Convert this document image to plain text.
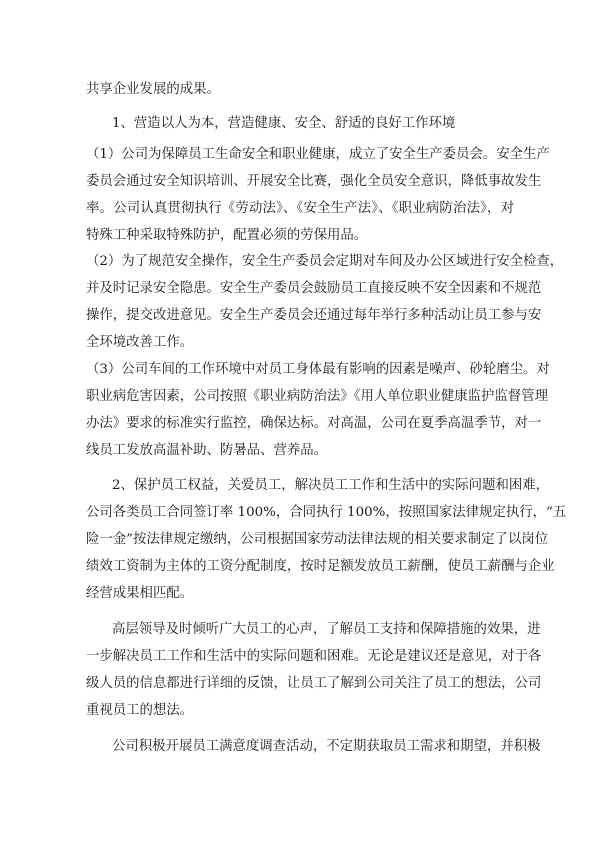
共享企业发展的成果。
1、营造以人为本，营造健康、安全、舒适的良好工作环境
（1）公司为保障员工生命安全和职业健康，成立了安全生产委员会。安全生产
委员会通过安全知识培训、开展安全比赛，强化全员安全意识，降低事故发生
率。公司认真贯彻执行《劳动法》、《安全生产法》、《职业病防治法》，对
特殊工种采取特殊防护，配置必须的劳保用品。
（2）为了规范安全操作，安全生产委员会定期对车间及办公区域进行安全检查，
并及时记录安全隐患。安全生产委员会鼓励员工直接反映不安全因素和不规范
操作，提交改进意见。安全生产委员会还通过每年举行多种活动让员工参与安
全环境改善工作。
（3）公司车间的工作环境中对员工身体最有影响的因素是噪声、砂轮磨尘。对
职业病危害因素，公司按照《职业病防治法》《用人单位职业健康监护监督管理
办法》要求的标准实行监控，确保达标。对高温，公司在夏季高温季节，对一
线员工发放高温补助、防暑品、营养品。
2、保护员工权益，关爱员工，解决员工工作和生活中的实际问题和困难，
公司各类员工合同签订率 100%，合同执行 100%，按照国家法律规定执行，“五
险一金”按法律规定缴纳，公司根据国家劳动法律法规的相关要求制定了以岗位
绩效工资制为主体的工资分配制度，按时足额发放员工薪酬，使员工薪酬与企业
经营成果相匹配。
高层领导及时倾听广大员工的心声，了解员工支持和保障措施的效果，进
一步解决员工工作和生活中的实际问题和困难。无论是建议还是意见，对于各
级人员的信息都进行详细的反馈，让员工了解到公司关注了员工的想法，公司
重视员工的想法。
公司积极开展员工满意度调查活动，不定期获取员工需求和期望，并积极
